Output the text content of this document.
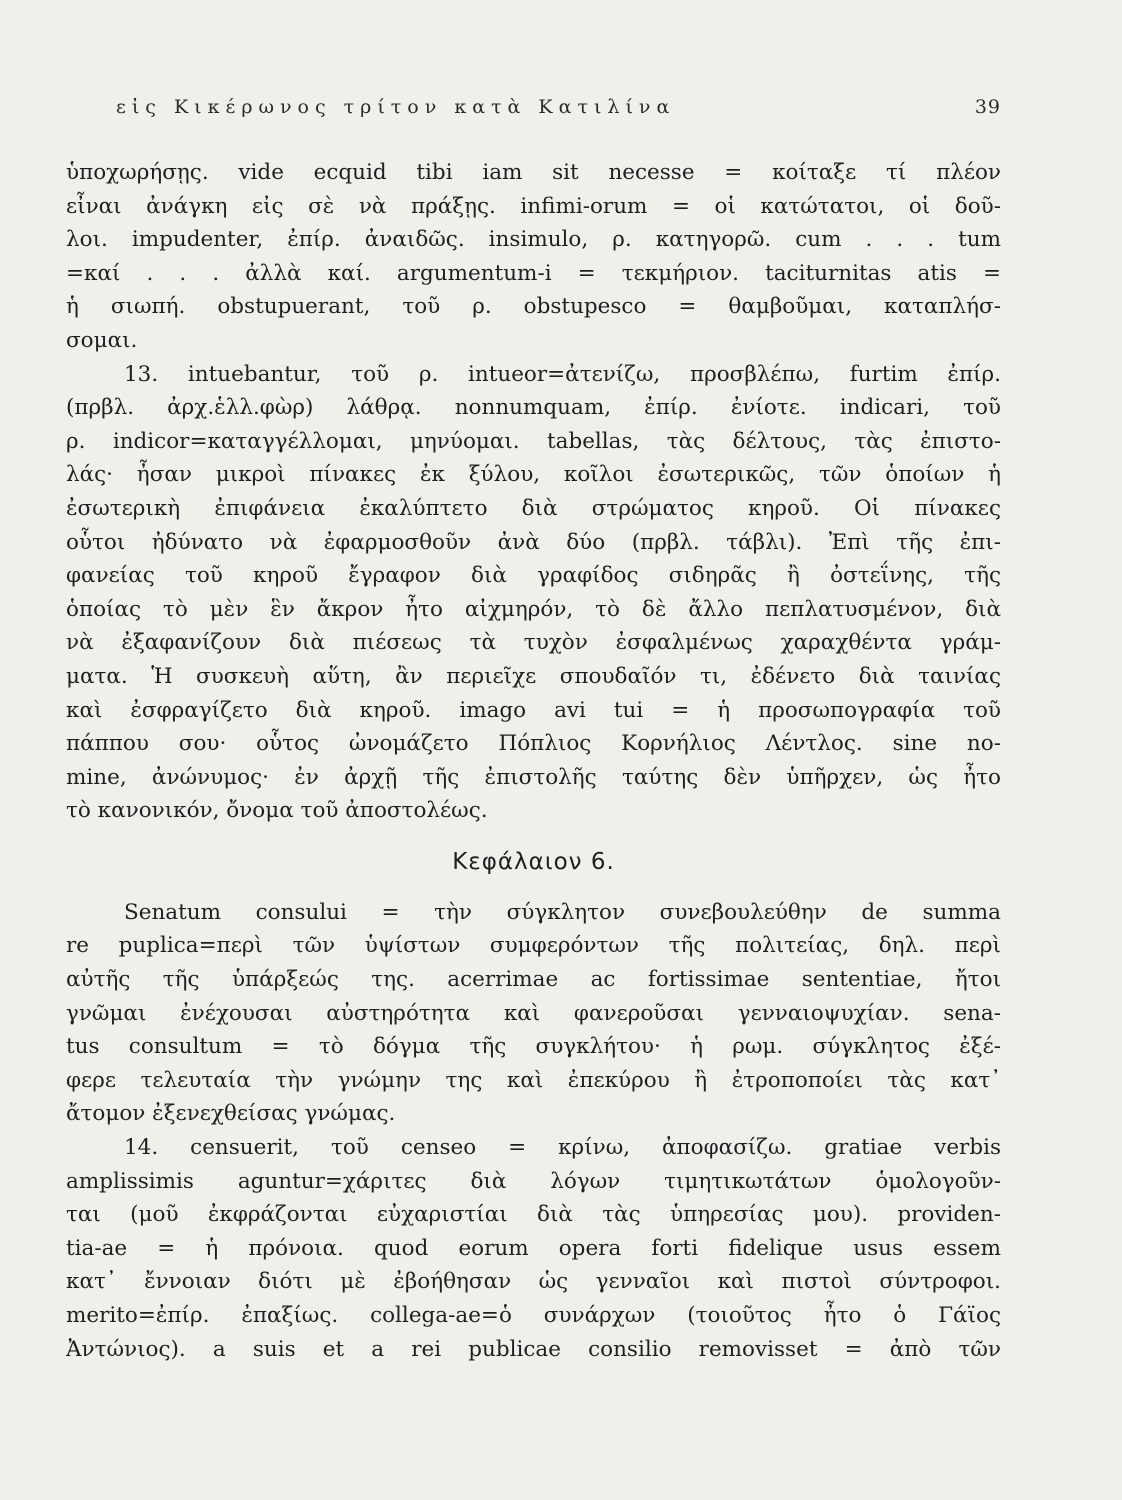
εἰς Κικέρωνος τρίτον κατὰ Κατιλίνα	39
ὑποχωρήσῃς. vide ecquid tibi iam sit necesse = κοίταξε τί πλέον
εἶναι ἀνάγκη εἰς σὲ νὰ πράξῃς. infimi-orum = οἱ κατώτατοι, οἱ δοῦ-
λοι. impudenter, ἐπίρ. ἀναιδῶς. insimulo, ρ. κατηγορῶ. cum . . . tum
=καί . . . ἀλλὰ καί. argumentum-i = τεκμήριον. taciturnitas atis =
ἡ σιωπή. obstupuerant, τοῦ ρ. obstupesco = θαμβοῦμαι, καταπλήσ-
σομαι.
13. intuebantur, τοῦ ρ. intueor=ἀτενίζω, προσβλέπω, furtim ἐπίρ.
(πρβλ. ἀρχ.ἑλλ.φὼρ) λάθρᾳ. nonnumquam, ἐπίρ. ἐνίοτε. indicari, τοῦ
ρ. indicor=καταγγέλλομαι, μηνύομαι. tabellas, τὰς δέλτους, τὰς ἐπιστο-
λάς· ἦσαν μικροὶ πίνακες ἐκ ξύλου, κοῖλοι ἐσωτερικῶς, τῶν ὁποίων ἡ
ἐσωτερικὴ ἐπιφάνεια ἐκαλύπτετο διὰ στρώματος κηροῦ. Οἱ πίνακες
οὗτοι ἠδύνατο νὰ ἐφαρμοσθοῦν ἀνὰ δύο (πρβλ. τάβλι). Ἐπὶ τῆς ἐπι-
φανείας τοῦ κηροῦ ἔγραφον διὰ γραφίδος σιδηρᾶς ἢ ὀστεΐνης, τῆς
ὁποίας τὸ μὲν ἓν ἄκρον ἦτο αἰχμηρόν, τὸ δὲ ἄλλο πεπλατυσμένον, διὰ
νὰ ἐξαφανίζουν διὰ πιέσεως τὰ τυχὸν ἐσφαλμένως χαραχθέντα γράμ-
ματα. Ἡ συσκευὴ αὕτη, ἂν περιεῖχε σπουδαῖόν τι, ἐδένετο διὰ ταινίας
καὶ ἐσφραγίζετο διὰ κηροῦ. imago avi tui = ἡ προσωπογραφία τοῦ
πάππου σου· οὗτος ὠνομάζετο Πόπλιος Κορνήλιος Λέντλος. sine no-
mine, ἀνώνυμος· ἐν ἀρχῇ τῆς ἐπιστολῆς ταύτης δὲν ὑπῆρχεν, ὡς ἦτο
τὸ κανονικόν, ὄνομα τοῦ ἀποστολέως.
Κεφάλαιον 6.
Senatum consului = τὴν σύγκλητον συνεβουλεύθην de summa
re puplica=περὶ τῶν ὑψίστων συμφερόντων τῆς πολιτείας, δηλ. περὶ
αὐτῆς τῆς ὑπάρξεώς της. acerrimae ac fortissimae sententiae, ἤτοι
γνῶμαι ἐνέχουσαι αὐστηρότητα καὶ φανεροῦσαι γενναιοψυχίαν. sena-
tus consultum = τὸ δόγμα τῆς συγκλήτου· ἡ ρωμ. σύγκλητος ἐξέ-
φερε τελευταία τὴν γνώμην της καὶ ἐπεκύρου ἢ ἐτροποποίει τὰς κατ᾽
ἄτομον ἐξενεχθείσας γνώμας.
14. censuerit, τοῦ censeo = κρίνω, ἀποφασίζω. gratiae verbis
amplissimis aguntur=χάριτες διὰ λόγων τιμητικωτάτων ὁμολογοῦν-
ται (μοῦ ἐκφράζονται εὐχαριστίαι διὰ τὰς ὑπηρεσίας μου). providen-
tia-ae = ἡ πρόνοια. quod eorum opera forti fidelique usus essem
κατ᾽ ἔννοιαν διότι μὲ ἐβοήθησαν ὡς γενναῖοι καὶ πιστοὶ σύντροφοι.
merito=ἐπίρ. ἐπαξίως. collega-ae=ὁ συνάρχων (τοιοῦτος ἦτο ὁ Γάϊος
Ἀντώνιος). a suis et a rei publicae consilio removisset = ἀπὸ τῶν
